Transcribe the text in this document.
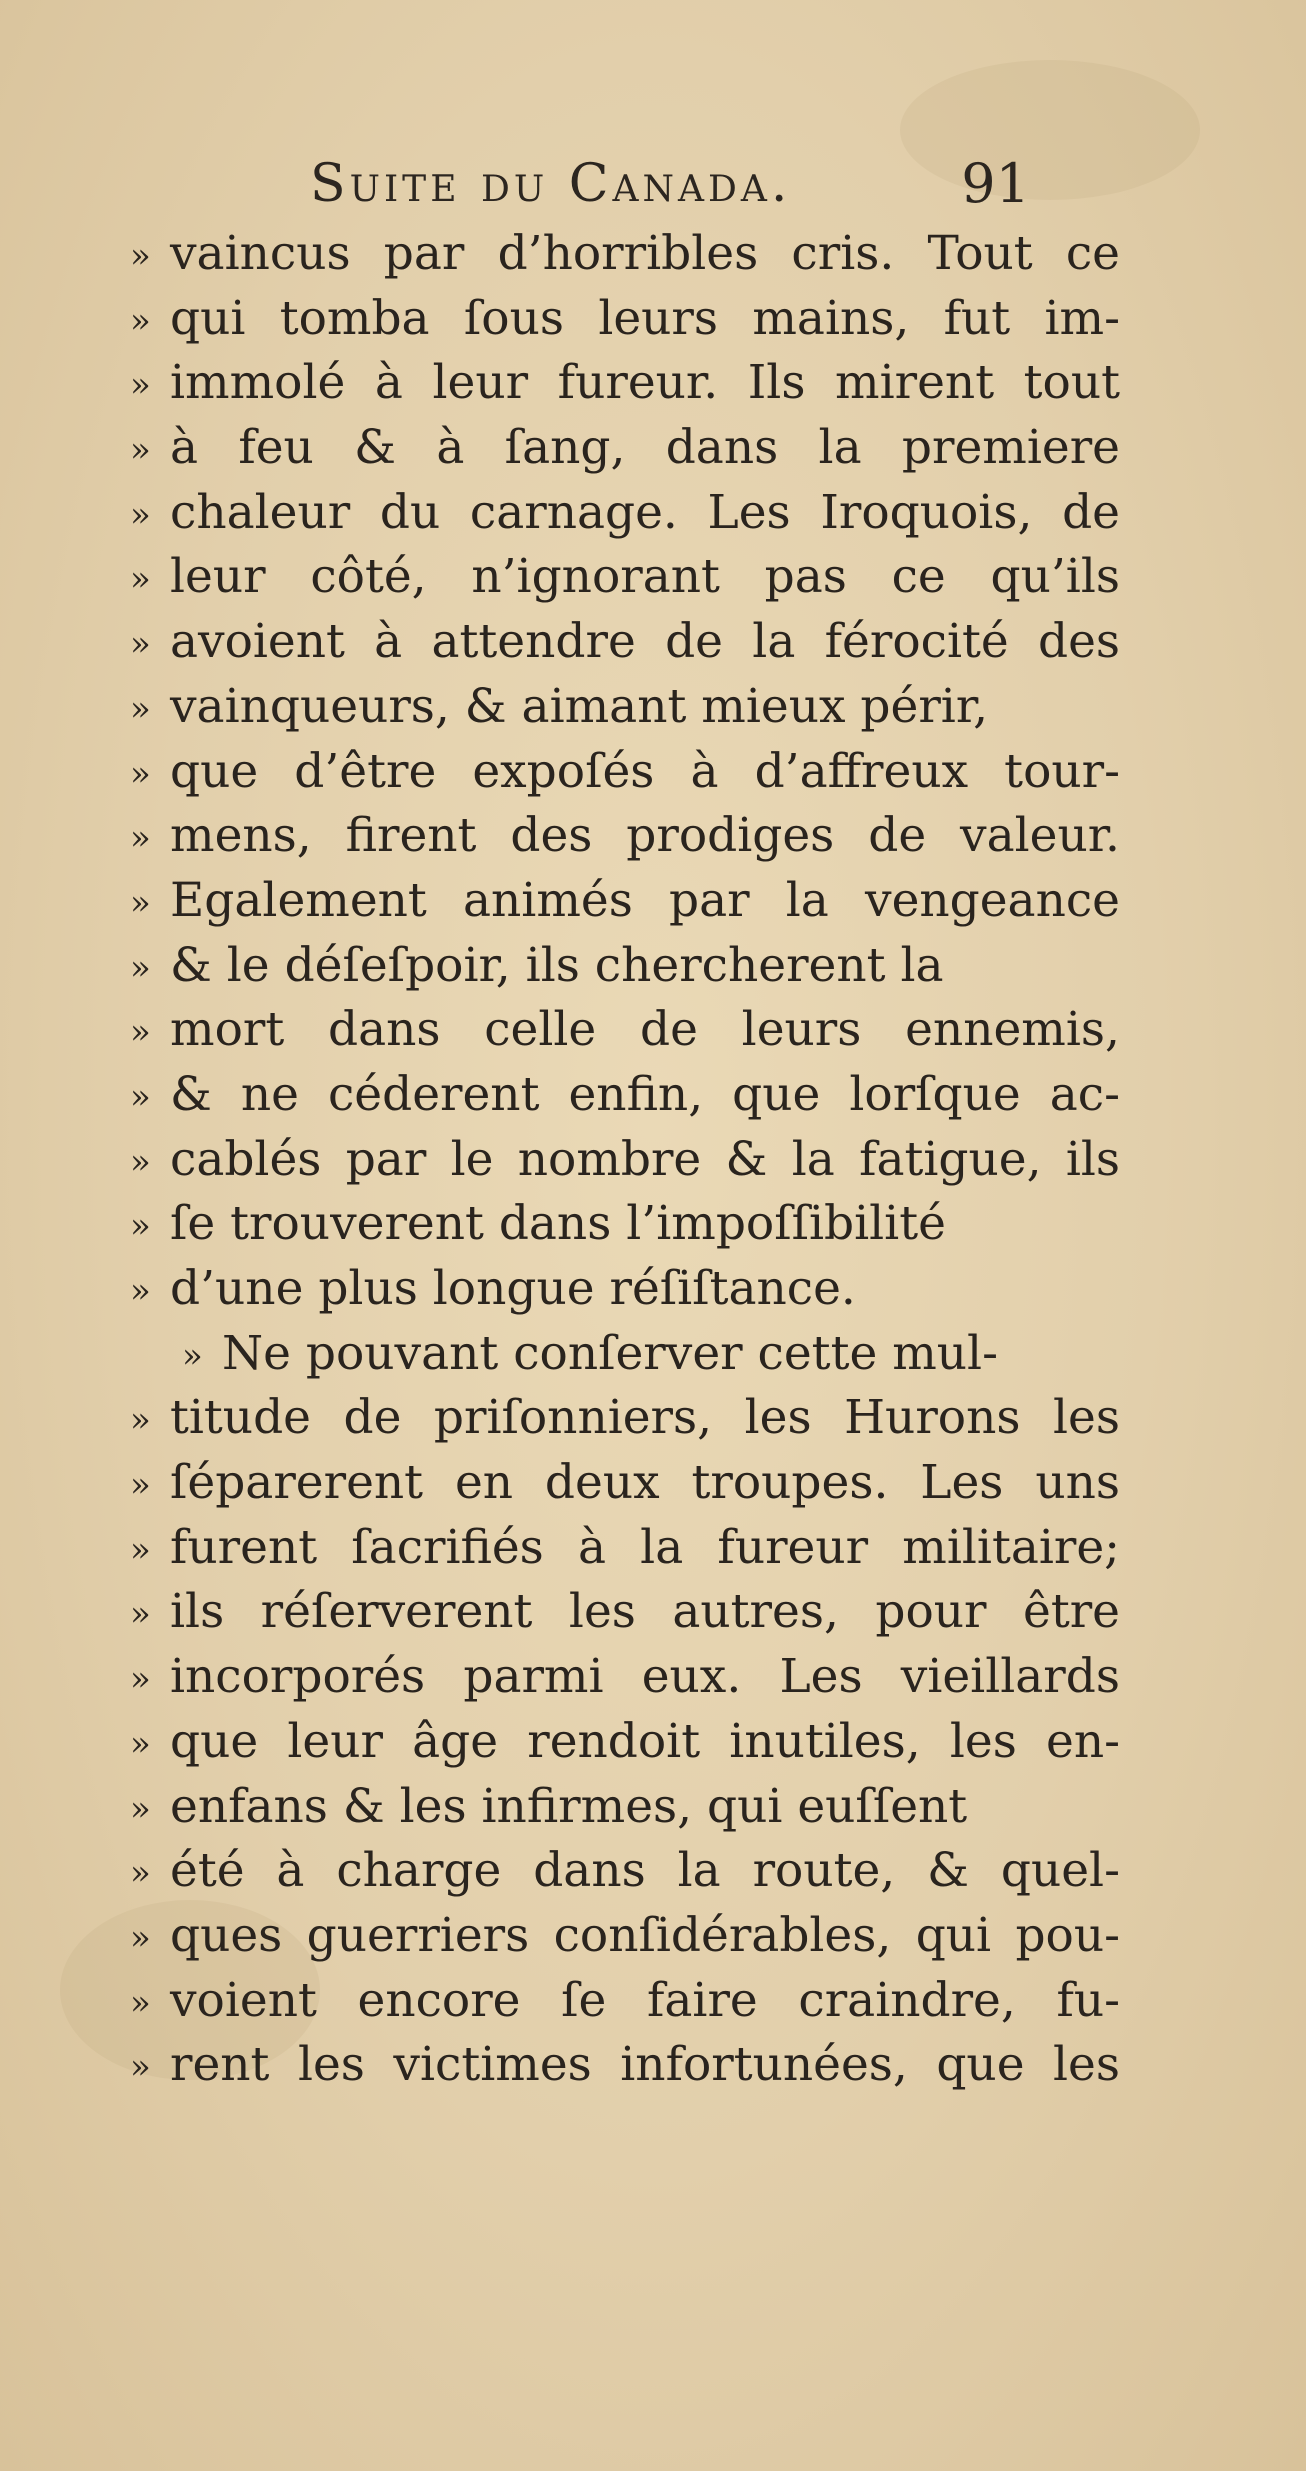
Suite du Canada.	91
» vaincus par d’horribles cris. Tout ce
» qui tomba ſous leurs mains, fut im-
» immolé à leur fureur. Ils mirent tout
» à feu & à ſang, dans la premiere
» chaleur du carnage. Les Iroquois, de
» leur côté, n’ignorant pas ce qu’ils
» avoient à attendre de la férocité des
» vainqueurs, & aimant mieux périr,
» que d’être expoſés à d’affreux tour-
» mens, firent des prodiges de valeur.
» Egalement animés par la vengeance
» & le déſeſpoir, ils chercherent la
» mort dans celle de leurs ennemis,
» & ne céderent enfin, que lorſque ac-
» cablés par le nombre & la fatigue, ils
» ſe trouverent dans l’impoſſibilité
» d’une plus longue réſiſtance.
» Ne pouvant conſerver cette mul-
» titude de priſonniers, les Hurons les
» ſéparerent en deux troupes. Les uns
» furent ſacrifiés à la fureur militaire;
» ils réſerverent les autres, pour être
» incorporés parmi eux. Les vieillards
» que leur âge rendoit inutiles, les en-
» enfans & les infirmes, qui euſſent
» été à charge dans la route, & quel-
» ques guerriers conſidérables, qui pou-
» voient encore ſe faire craindre, fu-
» rent les victimes infortunées, que les
